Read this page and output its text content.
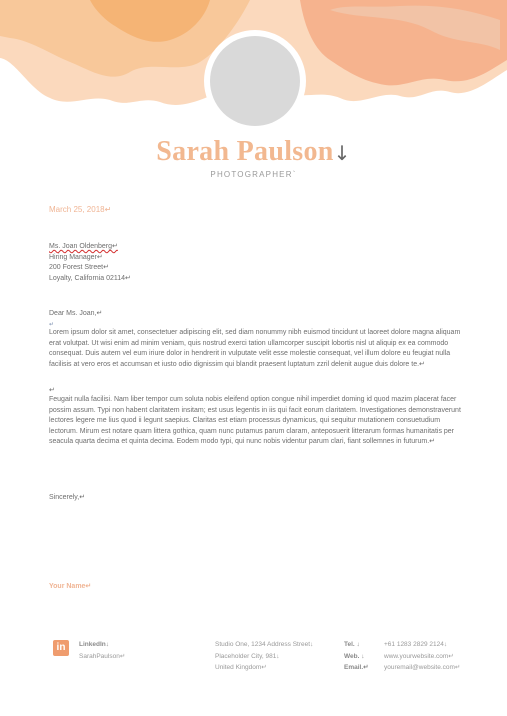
Sarah Paulson↓
PHOTOGRAPHER`
March 25, 2018↵
Ms. Joan Oldenberg↵
Hiring Manager↵
200 Forest Street↵
Loyalty, California 02114↵
Dear Ms. Joan,↵
↵
Lorem ipsum dolor sit amet, consectetuer adipiscing elit, sed diam nonummy nibh euismod tincidunt ut laoreet dolore magna aliquam erat volutpat. Ut wisi enim ad minim veniam, quis nostrud exerci tation ullamcorper suscipit lobortis nisl ut aliquip ex ea commodo consequat. Duis autem vel eum iriure dolor in hendrerit in vulputate velit esse molestie consequat, vel illum dolore eu feugiat nulla facilisis at vero eros et accumsan et iusto odio dignissim qui blandit praesent luptatum zzril delenit augue duis dolore te.↵
↵
Feugait nulla facilisi. Nam liber tempor cum soluta nobis eleifend option congue nihil imperdiet doming id quod mazim placerat facer possim assum. Typi non habent claritatem insitam; est usus legentis in iis qui facit eorum claritatem. Investigationes demonstraverunt lectores legere me lius quod ii legunt saepius. Claritas est etiam processus dynamicus, qui sequitur mutationem consuetudium lectorum. Mirum est notare quam littera gothica, quam nunc putamus parum claram, anteposuerit litterarum formas humanitatis per seacula quarta decima et quinta decima. Eodem modo typi, qui nunc nobis videntur parum clari, fiant sollemnes in futurum.↵
Sincerely,↵
Your Name↵
in	LinkedIn↓
SarahPaulson↵
Studio One, 1234 Address Street↓
Placeholder City, 981↓
United Kingdom↵
Tel. ↓
Web. ↓
Email.↵
+61 1283 2829 2124↓
www.yourwebsite.com↵
youremail@website.com↵
